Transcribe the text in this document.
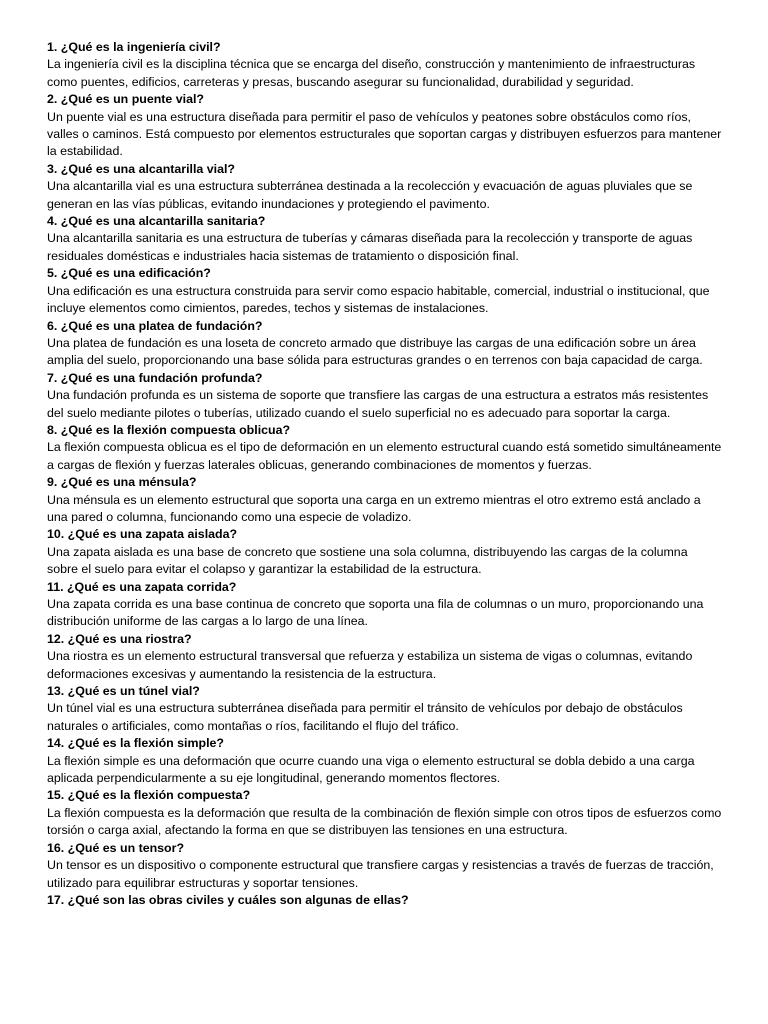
1. ¿Qué es la ingeniería civil?

La ingeniería civil es la disciplina técnica que se encarga del diseño, construcción y mantenimiento de infraestructuras como puentes, edificios, carreteras y presas, buscando asegurar su funcionalidad, durabilidad y seguridad.

2. ¿Qué es un puente vial?

Un puente vial es una estructura diseñada para permitir el paso de vehículos y peatones sobre obstáculos como ríos, valles o caminos. Está compuesto por elementos estructurales que soportan cargas y distribuyen esfuerzos para mantener la estabilidad.

3. ¿Qué es una alcantarilla vial?

Una alcantarilla vial es una estructura subterránea destinada a la recolección y evacuación de aguas pluviales que se generan en las vías públicas, evitando inundaciones y protegiendo el pavimento.

4. ¿Qué es una alcantarilla sanitaria?

Una alcantarilla sanitaria es una estructura de tuberías y cámaras diseñada para la recolección y transporte de aguas residuales domésticas e industriales hacia sistemas de tratamiento o disposición final.

5. ¿Qué es una edificación?

Una edificación es una estructura construida para servir como espacio habitable, comercial, industrial o institucional, que incluye elementos como cimientos, paredes, techos y sistemas de instalaciones.

6. ¿Qué es una platea de fundación?

Una platea de fundación es una loseta de concreto armado que distribuye las cargas de una edificación sobre un área amplia del suelo, proporcionando una base sólida para estructuras grandes o en terrenos con baja capacidad de carga.

7. ¿Qué es una fundación profunda?

Una fundación profunda es un sistema de soporte que transfiere las cargas de una estructura a estratos más resistentes del suelo mediante pilotes o tuberías, utilizado cuando el suelo superficial no es adecuado para soportar la carga.

8. ¿Qué es la flexión compuesta oblicua?

La flexión compuesta oblicua es el tipo de deformación en un elemento estructural cuando está sometido simultáneamente a cargas de flexión y fuerzas laterales oblicuas, generando combinaciones de momentos y fuerzas.

9. ¿Qué es una ménsula?

Una ménsula es un elemento estructural que soporta una carga en un extremo mientras el otro extremo está anclado a una pared o columna, funcionando como una especie de voladizo.

10. ¿Qué es una zapata aislada?

Una zapata aislada es una base de concreto que sostiene una sola columna, distribuyendo las cargas de la columna sobre el suelo para evitar el colapso y garantizar la estabilidad de la estructura.

11. ¿Qué es una zapata corrida?

Una zapata corrida es una base continua de concreto que soporta una fila de columnas o un muro, proporcionando una distribución uniforme de las cargas a lo largo de una línea.

12. ¿Qué es una riostra?

Una riostra es un elemento estructural transversal que refuerza y estabiliza un sistema de vigas o columnas, evitando deformaciones excesivas y aumentando la resistencia de la estructura.

13. ¿Qué es un túnel vial?

Un túnel vial es una estructura subterránea diseñada para permitir el tránsito de vehículos por debajo de obstáculos naturales o artificiales, como montañas o ríos, facilitando el flujo del tráfico.

14. ¿Qué es la flexión simple?

La flexión simple es una deformación que ocurre cuando una viga o elemento estructural se dobla debido a una carga aplicada perpendicularmente a su eje longitudinal, generando momentos flectores.

15. ¿Qué es la flexión compuesta?

La flexión compuesta es la deformación que resulta de la combinación de flexión simple con otros tipos de esfuerzos como torsión o carga axial, afectando la forma en que se distribuyen las tensiones en una estructura.

16. ¿Qué es un tensor?

Un tensor es un dispositivo o componente estructural que transfiere cargas y resistencias a través de fuerzas de tracción, utilizado para equilibrar estructuras y soportar tensiones.

17. ¿Qué son las obras civiles y cuáles son algunas de ellas?
